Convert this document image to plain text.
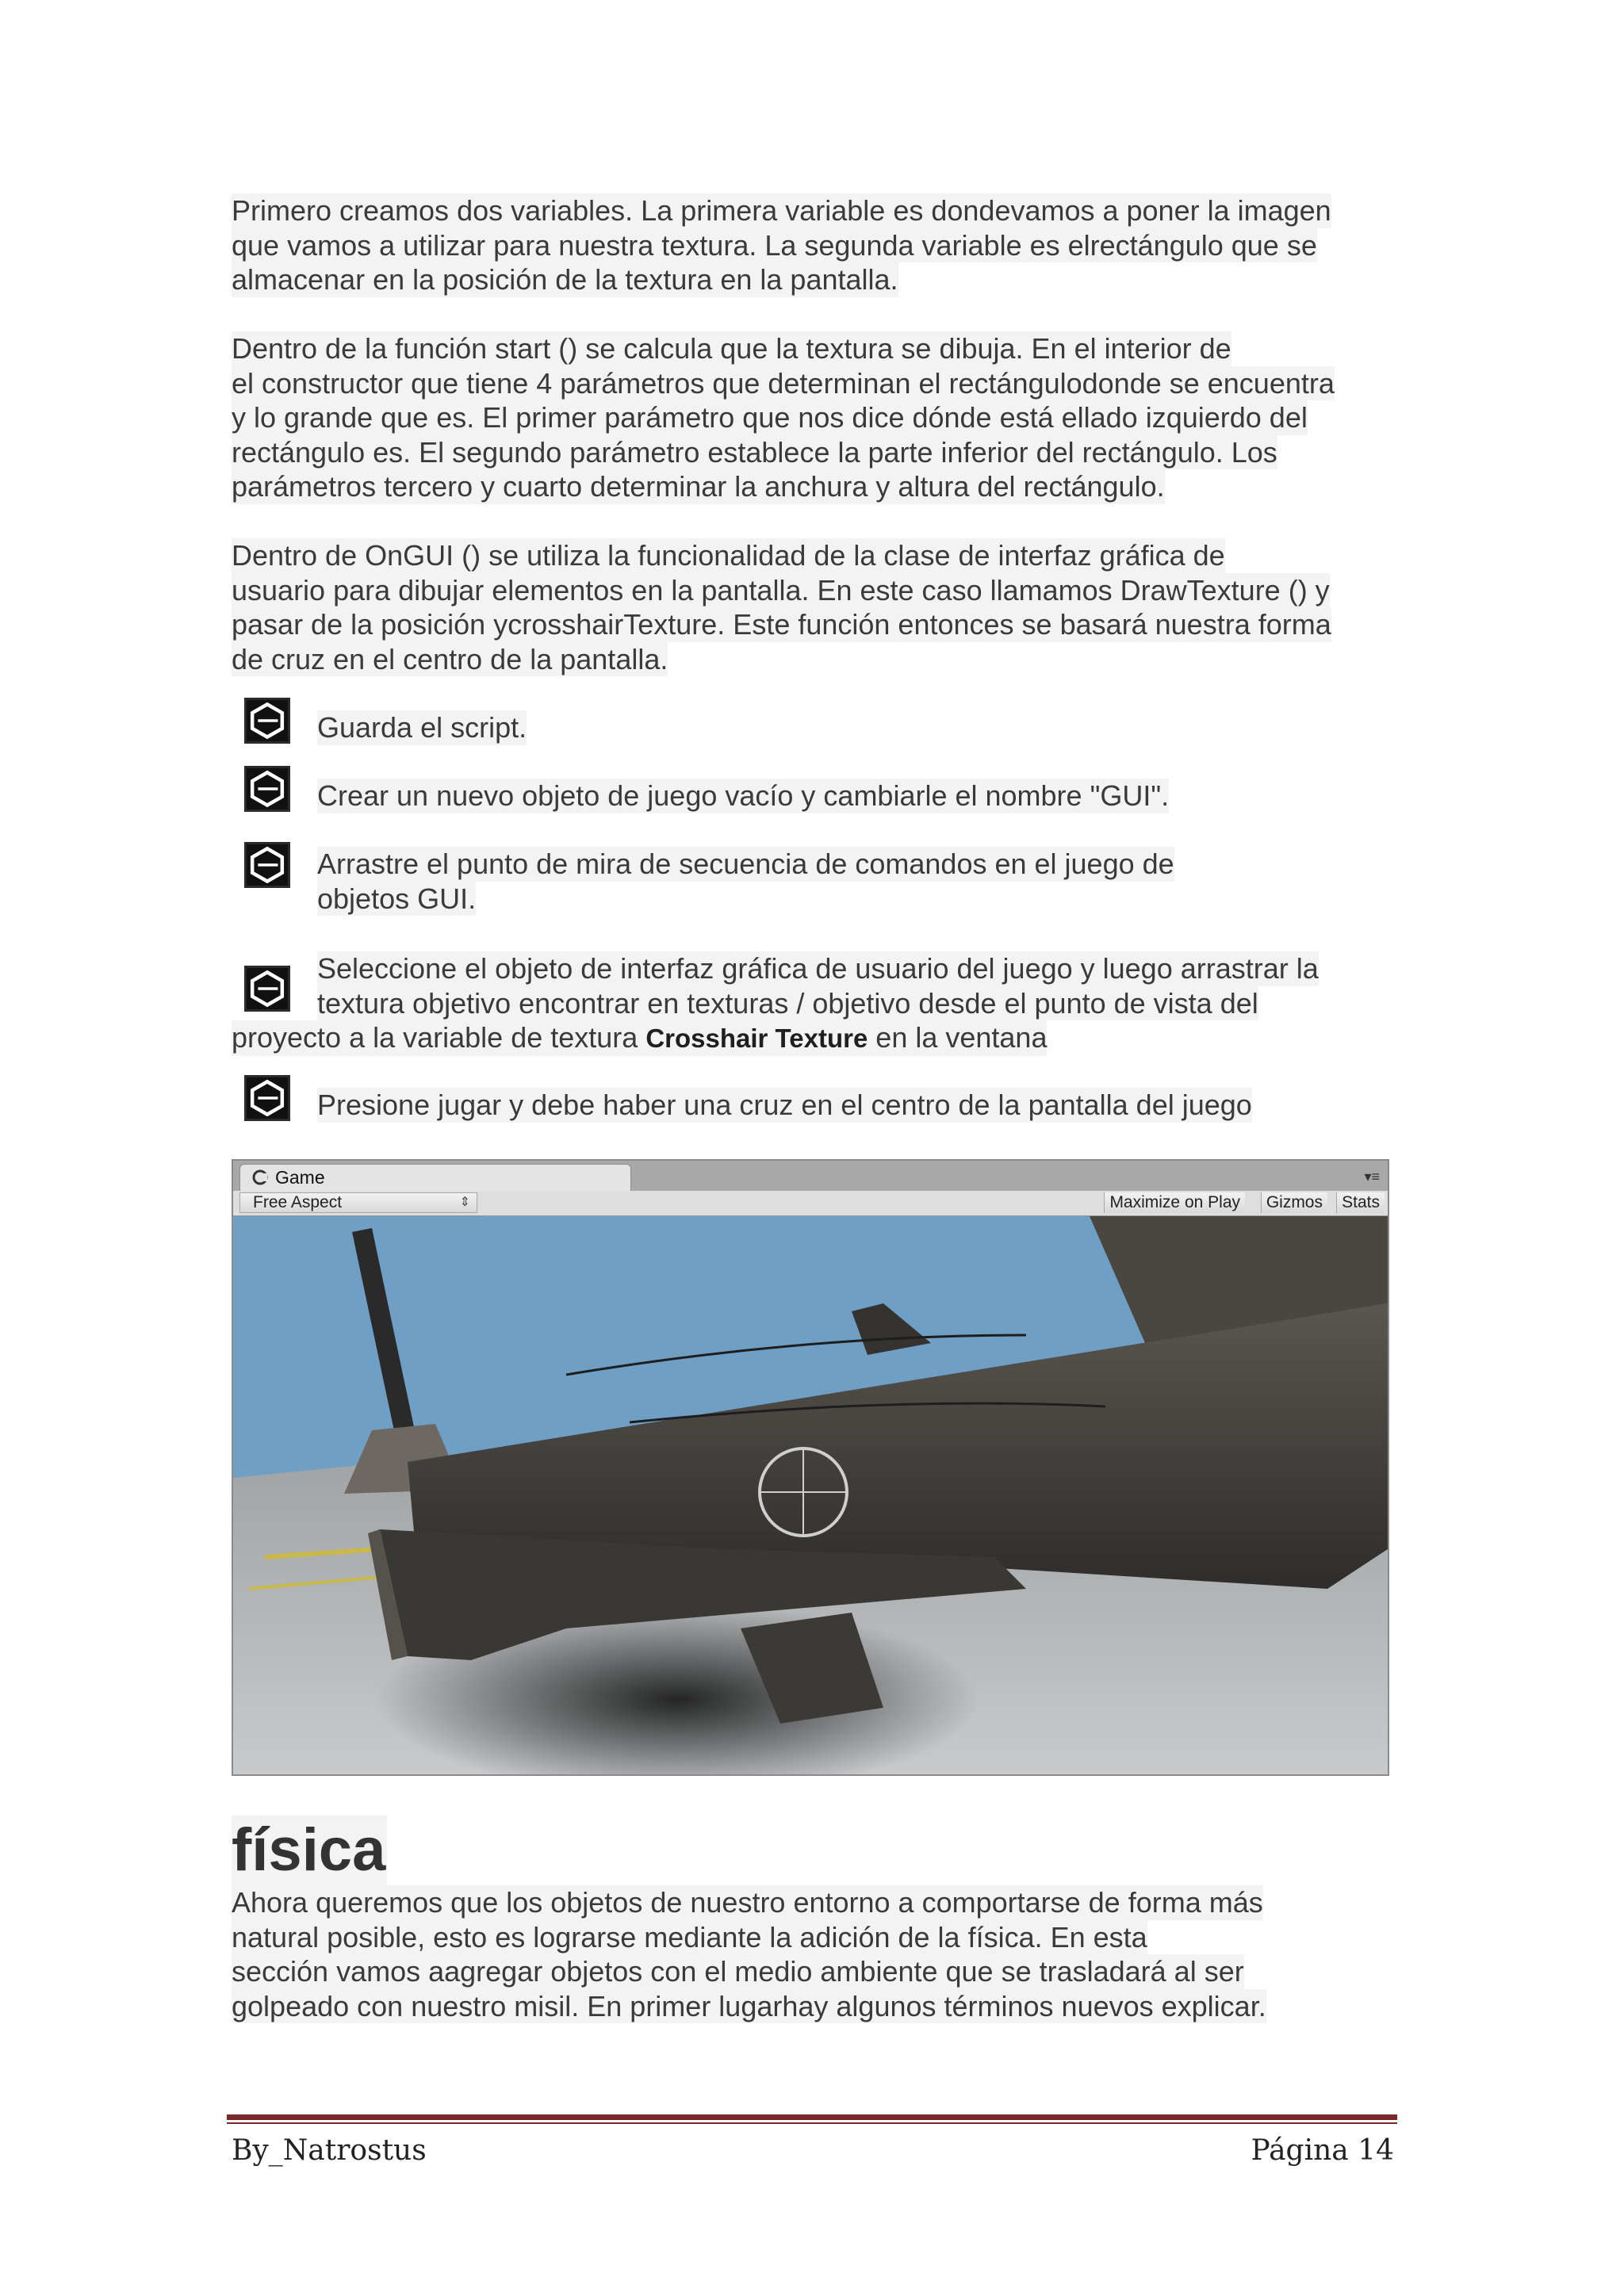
Primero creamos dos variables. La primera variable es dondevamos a poner la imagen
que vamos a utilizar para nuestra textura. La segunda variable es elrectángulo que se
almacenar en la posición de la textura en la pantalla.
Dentro de la función start () se calcula que la textura se dibuja. En el interior de
el constructor que tiene 4 parámetros que determinan el rectángulodonde se encuentra
y lo grande que es. El primer parámetro que nos dice dónde está ellado izquierdo del
rectángulo es. El segundo parámetro establece la parte inferior del rectángulo. Los
parámetros tercero y cuarto determinar la anchura y altura del rectángulo.
Dentro de OnGUI () se utiliza la funcionalidad de la clase de interfaz gráfica de
usuario para dibujar elementos en la pantalla. En este caso llamamos DrawTexture () y
pasar de la posición ycrosshairTexture. Este función entonces se basará nuestra forma
de cruz en el centro de la pantalla.
Guarda el script.
Crear un nuevo objeto de juego vacío y cambiarle el nombre "GUI".
Arrastre el punto de mira de secuencia de comandos en el juego de
objetos GUI.
Seleccione el objeto de interfaz gráfica de usuario del juego y luego arrastrar la
textura objetivo encontrar en texturas / objetivo desde el punto de vista del
proyecto a la variable de textura Crosshair Texture en la ventana
Presione jugar y debe haber una cruz en el centro de la pantalla del juego
Game	▾≡
Free Aspect	⇕	Maximize on Play	Gizmos	Stats
física
Ahora queremos que los objetos de nuestro entorno a comportarse de forma más
natural posible, esto es lograrse mediante la adición de la física. En esta
sección vamos aagregar objetos con el medio ambiente que se trasladará al ser
golpeado con nuestro misil. En primer lugarhay algunos términos nuevos explicar.
By_Natrostus	Página 14
